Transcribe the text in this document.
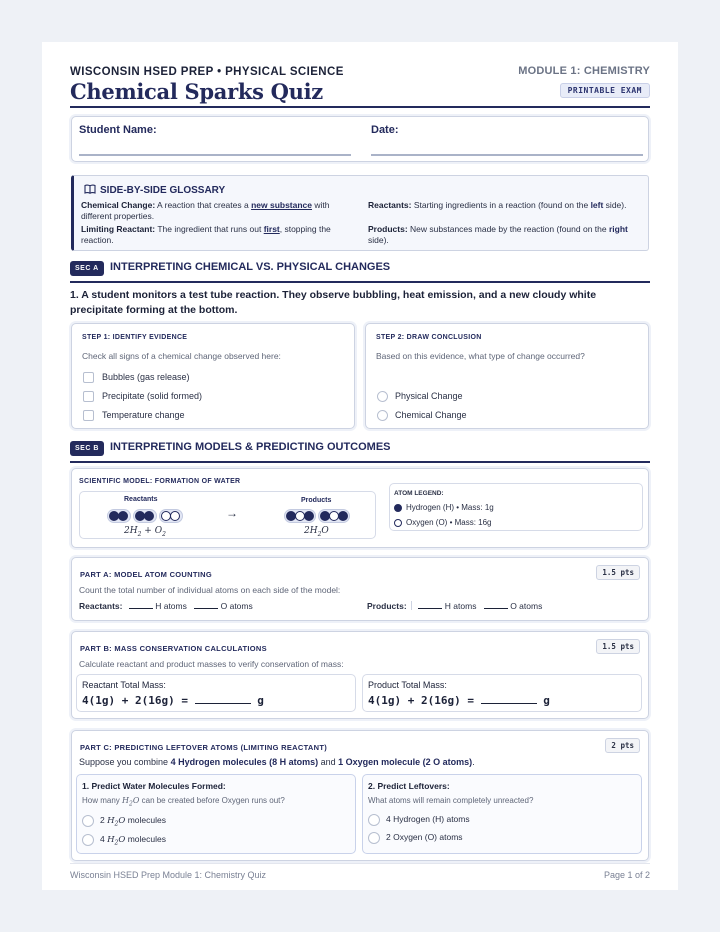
WISCONSIN HSED PREP • PHYSICAL SCIENCE
Chemical Sparks Quiz
MODULE 1: CHEMISTRY
PRINTABLE EXAM
Student Name:	Date:
SIDE-BY-SIDE GLOSSARY
Chemical Change: A reaction that creates a new substance with different properties.
Limiting Reactant: The ingredient that runs out first, stopping the reaction.
Reactants: Starting ingredients in a reaction (found on the left side).
Products: New substances made by the reaction (found on the right side).
SEC A	INTERPRETING CHEMICAL VS. PHYSICAL CHANGES
1. A student monitors a test tube reaction. They observe bubbling, heat emission, and a new cloudy white precipitate forming at the bottom.
STEP 1: IDENTIFY EVIDENCE
Check all signs of a chemical change observed here:
Bubbles (gas release)
Precipitate (solid formed)
Temperature change
STEP 2: DRAW CONCLUSION
Based on this evidence, what type of change occurred?
Physical Change
Chemical Change
SEC B	INTERPRETING MODELS & PREDICTING OUTCOMES
SCIENTIFIC MODEL: FORMATION OF WATER
Reactants
$2H_2 + O_2$
→
Products
$2H_2O$
ATOM LEGEND:
Hydrogen (H) • Mass: 1g
Oxygen (O) • Mass: 16g
PART A: MODEL ATOM COUNTING	1.5 pts
Count the total number of individual atoms on each side of the model:
Reactants:	H atoms	O atoms	Products:	H atoms	O atoms
PART B: MASS CONSERVATION CALCULATIONS	1.5 pts
Calculate reactant and product masses to verify conservation of mass:
Reactant Total Mass:
4(1g) + 2(16g) =	g
Product Total Mass:
4(1g) + 2(16g) =	g
PART C: PREDICTING LEFTOVER ATOMS (LIMITING REACTANT)	2 pts
Suppose you combine 4 Hydrogen molecules (8 H atoms) and 1 Oxygen molecule (2 O atoms).
1. Predict Water Molecules Formed:
How many $H_2O$ can be created before Oxygen runs out?
2 $H_2O$ molecules
4 $H_2O$ molecules
2. Predict Leftovers:
What atoms will remain completely unreacted?
4 Hydrogen (H) atoms
2 Oxygen (O) atoms
Wisconsin HSED Prep Module 1: Chemistry Quiz	Page 1 of 2
